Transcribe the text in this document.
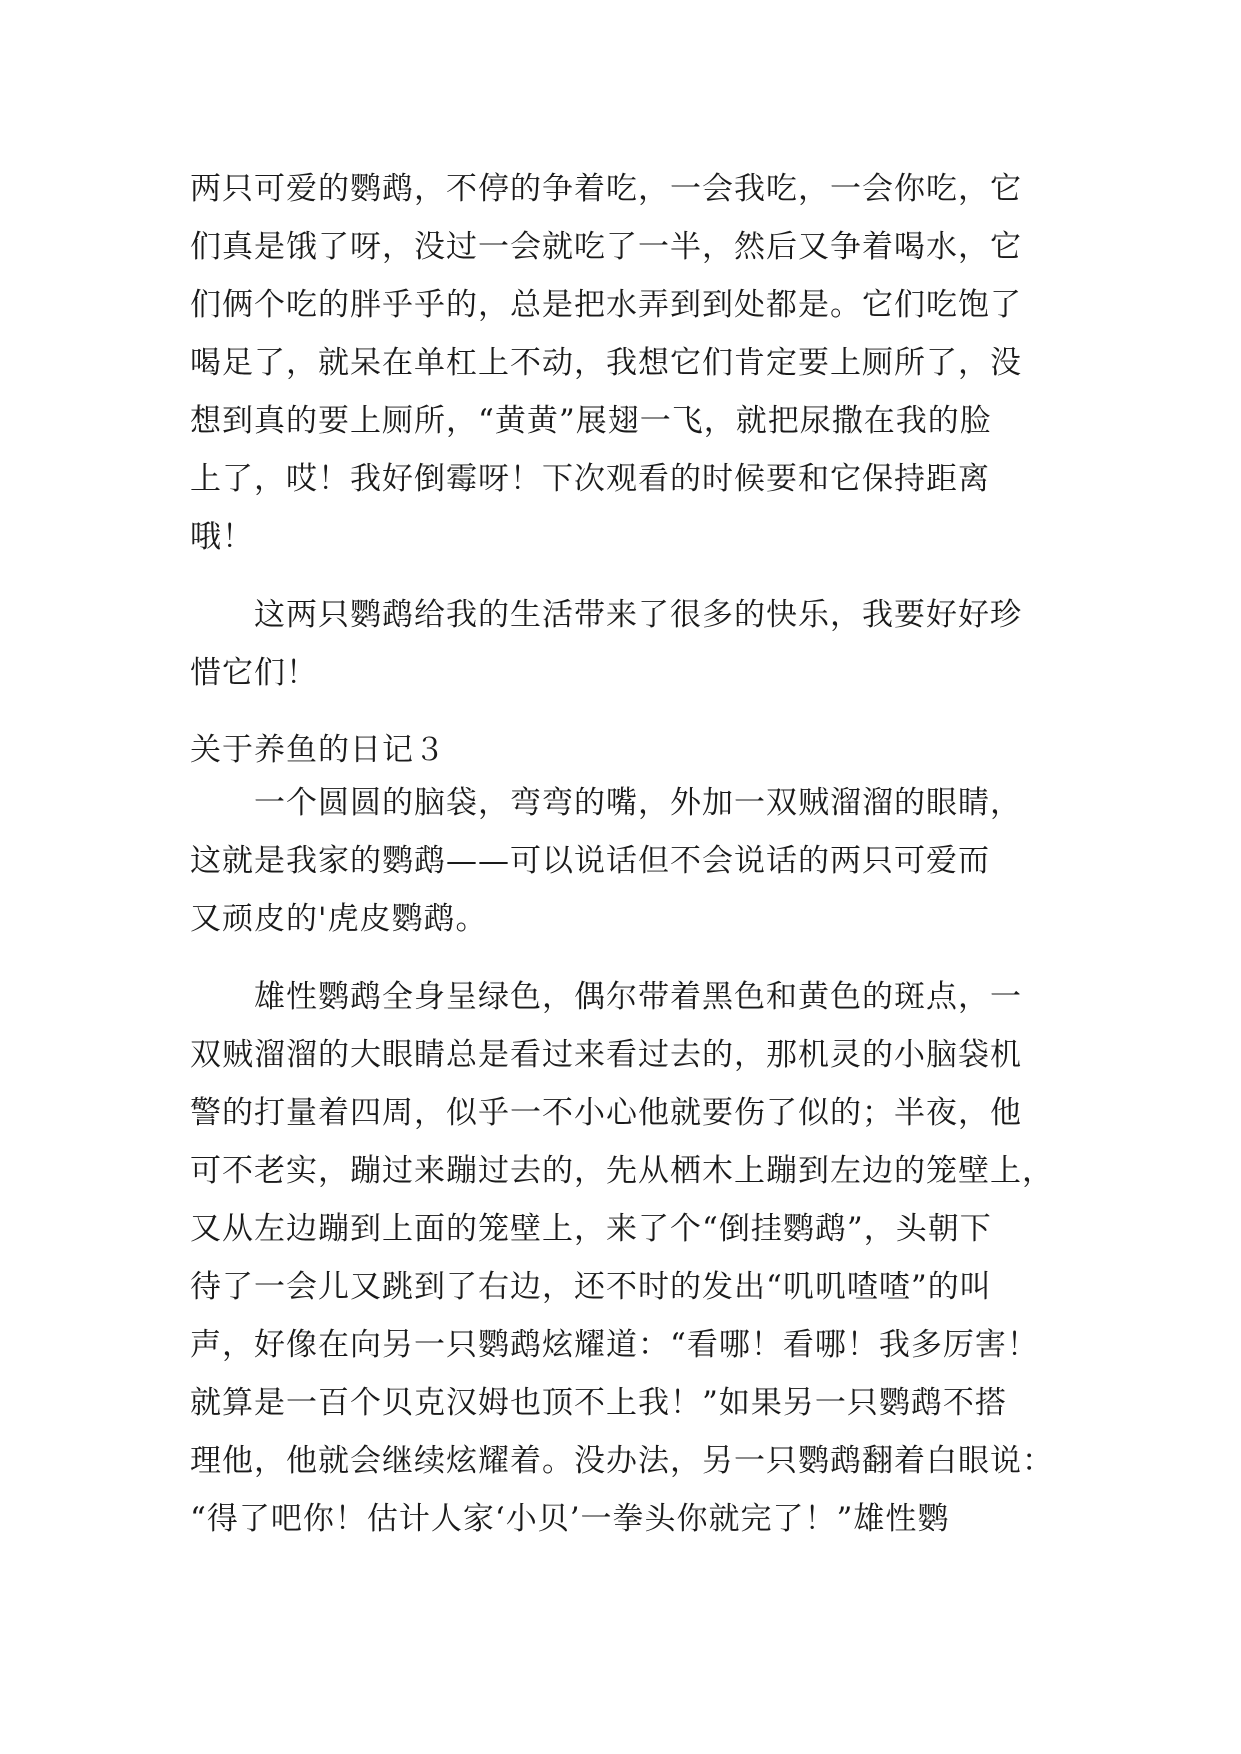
两只可爱的鹦鹉，不停的争着吃，一会我吃，一会你吃，它
们真是饿了呀，没过一会就吃了一半，然后又争着喝水，它
们俩个吃的胖乎乎的，总是把水弄到到处都是。它们吃饱了
喝足了，就呆在单杠上不动，我想它们肯定要上厕所了，没
想到真的要上厕所，“黄黄”展翅一飞，就把尿撒在我的脸
上了，哎！我好倒霉呀！下次观看的时候要和它保持距离
哦！
　　这两只鹦鹉给我的生活带来了很多的快乐，我要好好珍
惜它们！
关于养鱼的日记３
　　一个圆圆的脑袋，弯弯的嘴，外加一双贼溜溜的眼睛，
这就是我家的鹦鹉——可以说话但不会说话的两只可爱而
又顽皮的'虎皮鹦鹉。
　　雄性鹦鹉全身呈绿色，偶尔带着黑色和黄色的斑点，一
双贼溜溜的大眼睛总是看过来看过去的，那机灵的小脑袋机
警的打量着四周，似乎一不小心他就要伤了似的；半夜，他
可不老实，蹦过来蹦过去的，先从栖木上蹦到左边的笼壁上，
又从左边蹦到上面的笼壁上，来了个“倒挂鹦鹉”，头朝下
待了一会儿又跳到了右边，还不时的发出“叽叽喳喳”的叫
声，好像在向另一只鹦鹉炫耀道：“看哪！看哪！我多厉害！
就算是一百个贝克汉姆也顶不上我！”如果另一只鹦鹉不搭
理他，他就会继续炫耀着。没办法，另一只鹦鹉翻着白眼说：
“得了吧你！估计人家‘小贝’一拳头你就完了！”雄性鹦
